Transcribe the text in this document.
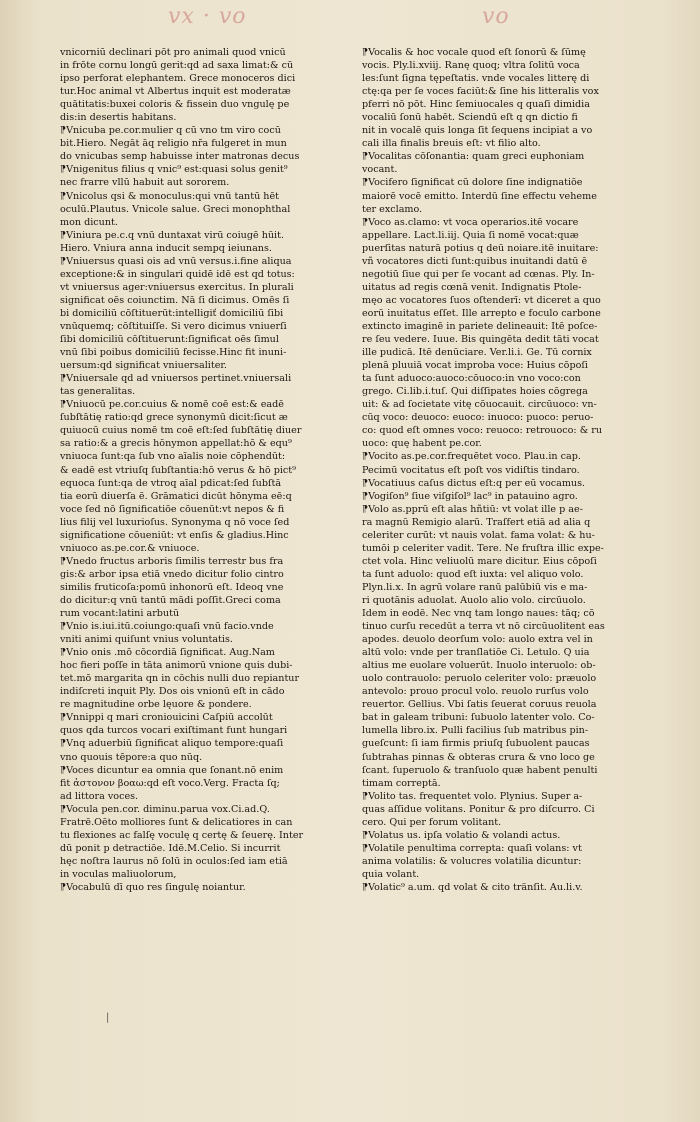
vx · vo	vo
vnicorniū declinari pōt pro animali quod vnicū
in frōte cornu longū gerit:qd ad saxa limat:& cū
ipso perforat elephantem. Grece monoceros dici
tur.Hoc animal vt Albertus inquit est moderatæ
quātitatis:buxei coloris & fissein duo vngulę pe
dis:in desertis habitans.
⁋Vnicuba pe.cor.mulier q cū vno tm viro cocū
bit.Hiero. Negāt āq religio nr̄a fulgeret in mun
do vnicubas semp habuisse inter matronas decus
⁋Vnigenitus filius q vnic⁹ est:quasi solus genit⁹
nec frarre vllū habuit aut sororem.
⁋Vnicolus qsi & monoculus:qui vnū tantū hēt
oculū.Plautus. Vnicole salue. Greci monophthal
mon dicunt.
⁋Viniura pe.c.q vnū duntaxat virū coiugē hūit.
Hiero. Vniura anna inducit sempq ieiunans.
⁋Vniuersus quasi ois ad vnū versus.i.fine aliqua
exceptione:& in singulari quidē idē est qd totus:
vt vniuersus ager:vniuersus exercitus. In plurali
significat oēs coiunctim. Nā ſi dicimus. Omēs ſi
bi domiciliū cōſtituerūt:intelligiť domiciliū ſibi
vnūquemq; cōſtituiſſe. Si vero dicimus vniuerſi
ſibi domiciliū cōſtituerunt:ſignificat oēs ſimul
vnū ſibi poibus domiciliū fecisse.Hinc fit inuni-
uersum:qd significat vniuersaliter.
⁋Vniuersale qd ad vniuersos pertinet.vniuersali
tas generalitas.
⁋Vniuocū pe.cor.cuius & nomē coē est:& eadē
ſubſtātię ratio:qd grece synonymū dicit:ſicut æ
quiuocū cuius nomē tm coē eſt:ſed ſubſtātię diuer
sa ratio:& a grecis hōnymon appellat:hō & equ⁹
vniuoca ſunt:qa ſub vno aīalis noie cōphendūt:
& eadē est vtriuſq ſubſtantia:hō verus & hō pict⁹
equoca ſunt:qa de vtroq aīal pdicat:ſed ſubſtā
tia eorū diuerſa ē. Grāmatici dicūt hōnyma eē:q
voce ſed nō ſignificatiōe cōuenūt:vt nepos & fi
lius filij vel luxurioſus. Synonyma q nō voce ſed
significatione cōueniūt: vt enſis & gladius.Hinc
vniuoco as.pe.cor.& vniuoce.
⁋Vnedo fructus arboris ſimilis terrestr bus fra
gis:& arbor ipsa etiā vnedo dicitur folio cintro
similis fruticoſa:pomū inhonorū eſt. Ideoq vne
do dicitur:q vnū tantū mādi poſſit.Greci coma
rum vocant:latini arbutū
⁋Vnio is.iui.itū.coiungo:quaſi vnū facio.vnde
vniti animi quiſunt vnius voluntatis.
⁋Vnio onis .mō cōcordiā ſignificat. Aug.Nam
hoc fieri poſſe in tāta animorū vnione quis dubi-
tet.mō margarita qn in cōchis nulli duo repiantur
indiſcreti inquit Ply. Dos ois vnionū eſt in cādo
re magnitudine orbe lęuore & pondere.
⁋Vnnippi q mari croniouicini Caſpiū accolūt
quos qda turcos vocari exiſtimant funt hungari
⁋Vnq aduerbiū ſignificat aliquo tempore:quaſi
vno quouis tēpore:a quo nūq.
⁋Voces dicuntur ea omnia que ſonant.nō enim
fit ἀστονον βοαω:qd eſt voco.Verg. Fracta ſq;
ad littora voces.
⁋Vocula pen.cor. diminu.parua vox.Ci.ad.Q.
Fratrē.Oēto molliores ſunt & delicatiores in can
tu flexiones ac falſę voculę q certę & ſeuerę. Inter
dū ponit p detractiōe. Idē.M.Celio. Si incurrit
hęc noſtra laurus nō ſolū in oculos:ſed iam etiā
in voculas maliuolorum,
⁋Vocabulū dī quo res ſingulę noiantur.
⁋Vocalis & hoc vocale quod eſt ſonorū & ſūmę
vocis. Ply.li.xviij. Ranę quoq; vltra ſolitū voca
les:ſunt ſigna tępeſtatis. vnde vocales litterę di
ctę:qa per ſe voces faciūt:& ſine his litteralis vox
pferri nō pōt. Hinc ſemiuocales q quaſi dimidia
vocaliū ſonū habēt. Sciendū eſt q qn dictio fi
nit in vocalē quis longa ſit ſequens incipiat a vo
cali illa finalis breuis eſt: vt filio alto.
⁋Vocalitas cōſonantia: quam greci euphoniam
vocant.
⁋Vocifero ſignificat cū dolore ſine indignatiōe
maiorē vocē emitto. Interdū ſine effectu veheme
ter exclamo.
⁋Voco as.clamo: vt voca operarios.itē vocare
appellare. Lact.li.iij. Quia ſi nomē vocat:quæ
puerſitas naturā potius q deū noiare.itē inuitare:
vñ vocatores dicti ſunt:quibus inuitandi datū ē
negotiū ſiue qui per ſe vocant ad cœnas. Ply. In-
uitatus ad regis cœnā venit. Indignatis Ptole-
męo ac vocatores ſuos oſtenderī: vt diceret a quo
eorū inuitatus eſſet. Ille arrepto e foculo carbone
extincto imaginē in pariete delineauit: Itē poſce-
re ſeu vedere. Iuue. Bis quingēta dedit tāti vocat
ille pudicā. Itē denūciare. Ver.li.i. Ge. Tū cornix
plenā pluuiā vocat improba voce: Huius cōpoſi
ta ſunt aduoco:auoco:cōuoco:in vno voco:con
grego. Ci.lib.i.tuſ. Qui diſſipates hoies cōgrega
uit: & ad ſocietate vitę cōuocauit. circūuoco: vn-
cūq voco: deuoco: euoco: inuoco: puoco: peruo-
co: quod eſt omnes voco: reuoco: retrouoco: & ru
uoco: quę habent pe.cor.
⁋Vocito as.pe.cor.frequētet voco. Plau.in cap.
Pecimū vocitatus eſt poſt vos vidiſtis tindaro.
⁋Vocatiuus caſus dictus eſt:q per eū vocamus.
⁋Vogiſon⁹ ſiue viſgiſol⁹ lac⁹ in patauino agro.
⁋Volo as.pprū eſt alas hñtiū: vt volat ille p ae-
ra magnū Remigio alarū. Traſfert etiā ad alia q
celeriter curūt: vt nauis volat. fama volat: & hu-
tumōi p celeriter vadit. Tere. Ne fruſtra illic expe-
ctet vola. Hinc veliuolū mare dicitur. Eius cōpoſi
ta ſunt aduolo: quod eſt iuxta: vel aliquo volo.
Plyn.li.x. In agrū volare ranū palūbiū vis e ma-
ri quotānis aduolat. Auolo alio volo. circūuolo.
Idem in eodē. Nec vnq tam longo naues: tāq; cō
tinuo curſu recedūt a terra vt nō circūuolitent eas
apodes. deuolo deorſum volo: auolo extra vel in
altū volo: vnde per tranſlatiōe Ci. Letulo. Q uia
altius me euolare voluerūt. Inuolo interuolo: ob-
uolo contrauolo: peruolo celeriter volo: præuolo
antevolo: prouo procul volo. reuolo rurſus volo
reuertor. Gellius. Vbi ſatis ſeuerat coruus reuola
bat in galeam tribuni: ſubuolo latenter volo. Co-
lumella libro.ix. Pulli facilius ſub matribus pin-
gueſcunt: ſi iam firmis priuſq ſubuolent paucas
ſubtrahas pinnas & obteras crura & vno loco ge
ſcant. ſuperuolo & tranſuolo quæ habent penulti
timam correptā.
⁋Volito tas. frequentet volo. Plynius. Super a-
quas aſſidue volitans. Ponitur & pro diſcurro. Ci
cero. Qui per forum volitant.
⁋Volatus us. ipſa volatio & volandi actus.
⁋Volatile penultima correpta: quaſi volans: vt
anima volatilis: & volucres volatilia dicuntur:
quia volant.
⁋Volatic⁹ a.um. qd volat & cito tränſit. Au.li.v.
|
